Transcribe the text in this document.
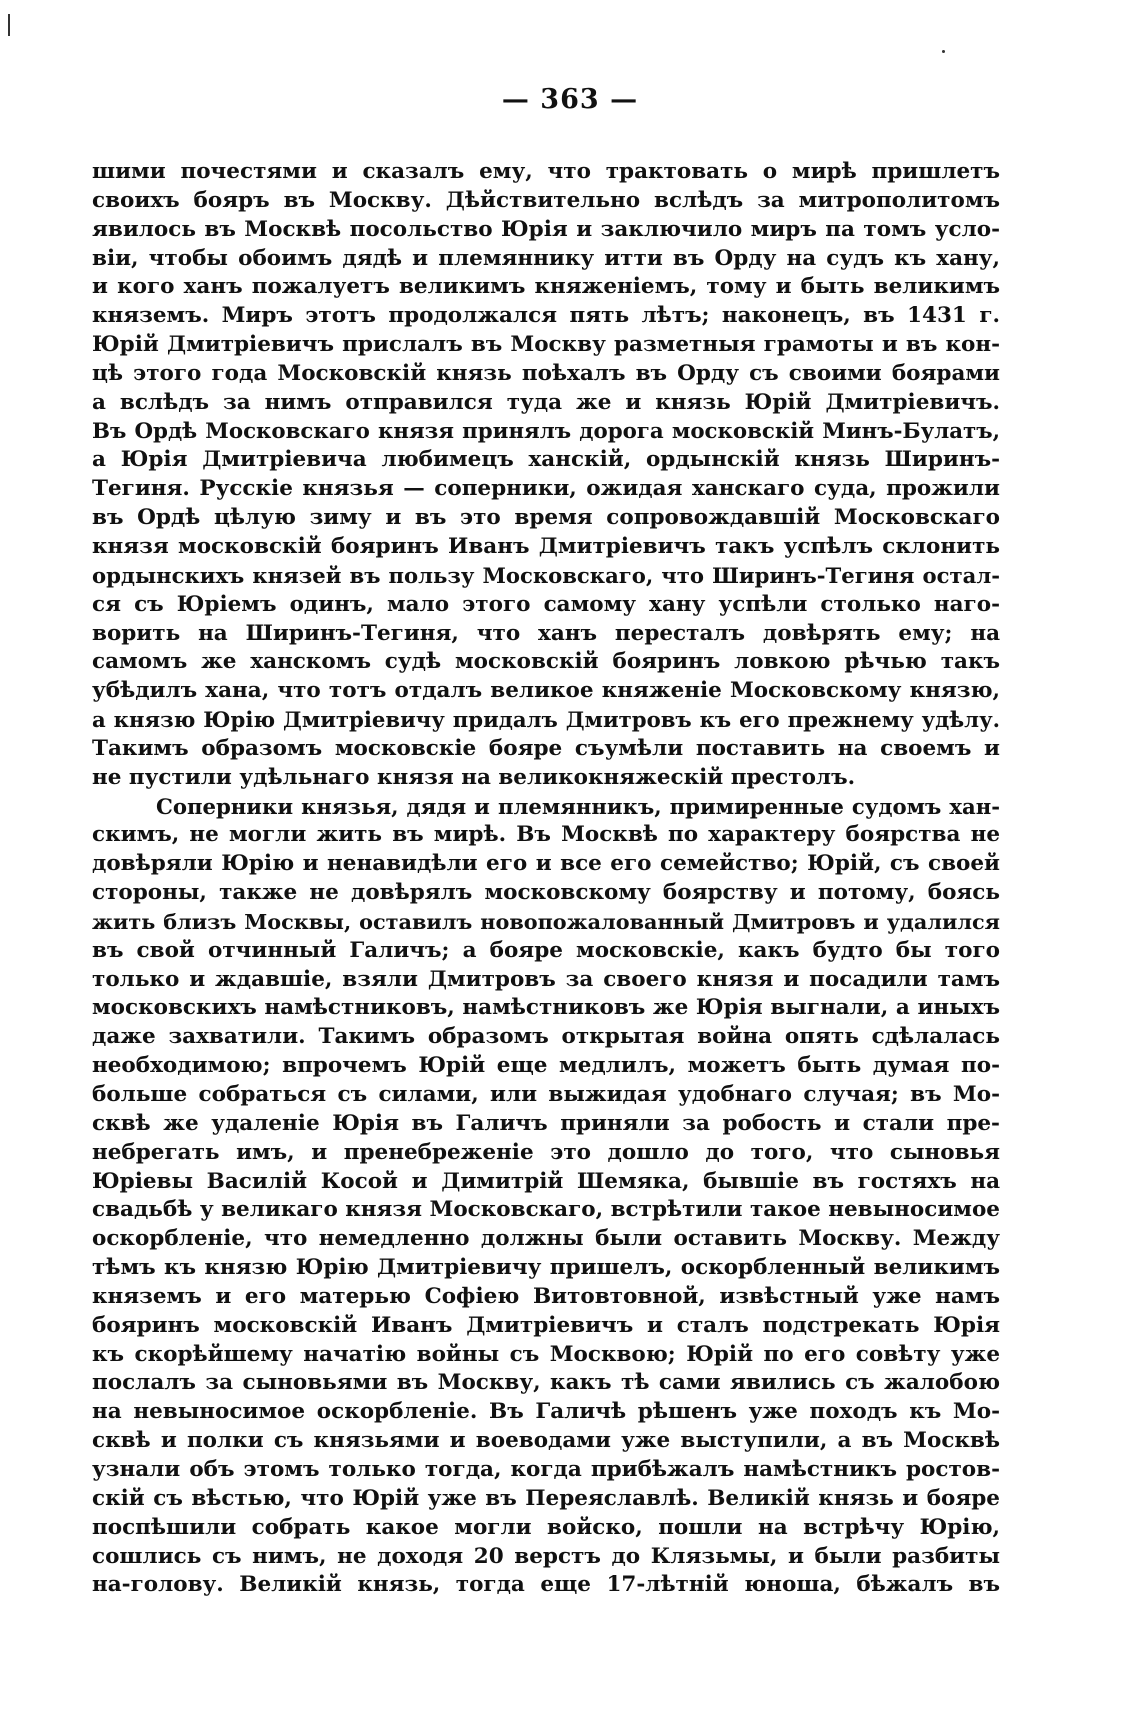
— 363 —
шими почестями и сказалъ ему, что трактовать о мирѣ пришлетъ
своихъ бояръ въ Москву. Дѣйствительно вслѣдъ за митрополитомъ
явилось въ Москвѣ посольство Юрія и заключило миръ па томъ усло-
віи, чтобы обоимъ дядѣ и племяннику итти въ Орду на судъ къ хану,
и кого ханъ пожалуетъ великимъ княженіемъ, тому и быть великимъ
княземъ. Миръ этотъ продолжался пять лѣтъ; наконецъ, въ 1431 г.
Юрій Дмитріевичъ прислалъ въ Москву разметныя грамоты и въ кон-
цѣ этого года Московскій князь поѣхалъ въ Орду съ своими боярами
а вслѣдъ за нимъ отправился туда же и князь Юрій Дмитріевичъ.
Въ Ордѣ Московскаго князя принялъ дорога московскій Минъ-Булатъ,
а Юрія Дмитріевича любимецъ ханскій, ордынскій князь Ширинъ-
Тегиня. Русскіе князья — соперники, ожидая ханскаго суда, прожили
въ Ордѣ цѣлую зиму и въ это время сопровождавшій Московскаго
князя московскій бояринъ Иванъ Дмитріевичъ такъ успѣлъ склонить
ордынскихъ князей въ пользу Московскаго, что Ширинъ-Тегиня остал-
ся съ Юріемъ одинъ, мало этого самому хану успѣли столько наго-
ворить на Ширинъ-Тегиня, что ханъ пересталъ довѣрять ему; на
самомъ же ханскомъ судѣ московскій бояринъ ловкою рѣчью такъ
убѣдилъ хана, что тотъ отдалъ великое княженіе Московскому князю,
а князю Юрію Дмитріевичу придалъ Дмитровъ къ его прежнему удѣлу.
Такимъ образомъ московскіе бояре съумѣли поставить на своемъ и
не пустили удѣльнаго князя на великокняжескій престолъ.
Соперники князья, дядя и племянникъ, примиренные судомъ хан-
скимъ, не могли жить въ мирѣ. Въ Москвѣ по характеру боярства не
довѣряли Юрію и ненавидѣли его и все его семейство; Юрій, съ своей
стороны, также не довѣрялъ московскому боярству и потому, боясь
жить близъ Москвы, оставилъ новопожалованный Дмитровъ и удалился
въ свой отчинный Галичъ; а бояре московскіе, какъ будто бы того
только и ждавшіе, взяли Дмитровъ за своего князя и посадили тамъ
московскихъ намѣстниковъ, намѣстниковъ же Юрія выгнали, а иныхъ
даже захватили. Такимъ образомъ открытая война опять сдѣлалась
необходимою; впрочемъ Юрій еще медлилъ, можетъ быть думая по-
больше собраться съ силами, или выжидая удобнаго случая; въ Мо-
сквѣ же удаленіе Юрія въ Галичъ приняли за робость и стали пре-
небрегать имъ, и пренебреженіе это дошло до того, что сыновья
Юріевы Василій Косой и Димитрій Шемяка, бывшіе въ гостяхъ на
свадьбѣ у великаго князя Московскаго, встрѣтили такое невыносимое
оскорбленіе, что немедленно должны были оставить Москву. Между
тѣмъ къ князю Юрію Дмитріевичу пришелъ, оскорбленный великимъ
княземъ и его матерью Софіею Витовтовной, извѣстный уже намъ
бояринъ московскій Иванъ Дмитріевичъ и сталъ подстрекать Юрія
къ скорѣйшему начатію войны съ Москвою; Юрій по его совѣту уже
послалъ за сыновьями въ Москву, какъ тѣ сами явились съ жалобою
на невыносимое оскорбленіе. Въ Галичѣ рѣшенъ уже походъ къ Мо-
сквѣ и полки съ князьями и воеводами уже выступили, а въ Москвѣ
узнали объ этомъ только тогда, когда прибѣжалъ намѣстникъ ростов-
скій съ вѣстью, что Юрій уже въ Переяславлѣ. Великій князь и бояре
поспѣшили собрать какое могли войско, пошли на встрѣчу Юрію,
сошлись съ нимъ, не доходя 20 верстъ до Клязьмы, и были разбиты
на-голову. Великій князь, тогда еще 17-лѣтній юноша, бѣжалъ въ
